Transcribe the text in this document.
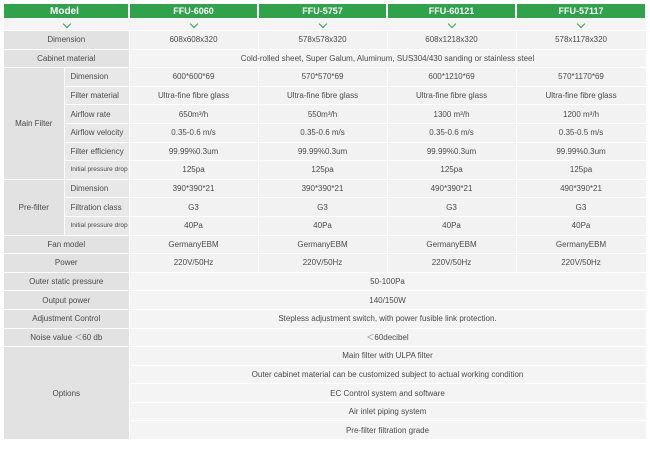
Model		FFU-6060	FFU-5757	FFU-60121	FFU-57117

Dimension		608x608x320	578x578x320	608x1218x320	578x1178x320
Cabinet material		Cold-rolled sheet, Super Galum, Aluminum, SUS304/430 sanding or stainless steel			
Main Filter	Dimension	600*600*69	570*570*69	600*1210*69	570*1170*69
	Filter material	Ultra-fine fibre glass	Ultra-fine fibre glass	Ultra-fine fibre glass	Ultra-fine fibre glass
	Airflow rate	650m³/h	550m³/h	1300 m³/h	1200 m³/h
	Airflow velocity	0.35-0.6 m/s	0.35-0.6 m/s	0.35-0.6 m/s	0.35-0.5 m/s
	Filter efficiency	99.99%0.3um	99.99%0.3um	99.99%0.3um	99.99%0.3um
	Initial pressure drop	125pa	125pa	125pa	125pa
Pre-filter	Dimension	390*390*21	390*390*21	490*390*21	490*390*21
	Filtration class	G3	G3	G3	G3
	Initial pressure drop	40Pa	40Pa	40Pa	40Pa
Fan model		GermanyEBM	GermanyEBM	GermanyEBM	GermanyEBM
Power		220V/50Hz	220V/50Hz	220V/50Hz	220V/50Hz
Outer static pressure		50-100Pa			
Output power		140/150W			
Adjustment Control		Stepless adjustment switch, with power fusible link protection.			
Noise value ＜60 db		＜60decibel			
Options		Main filter with ULPA filter			
		Outer cabinet material can be customized subject to actual working condition			
		EC Control system and software			
		Air inlet piping system			
		Pre-filter filtration grade			
